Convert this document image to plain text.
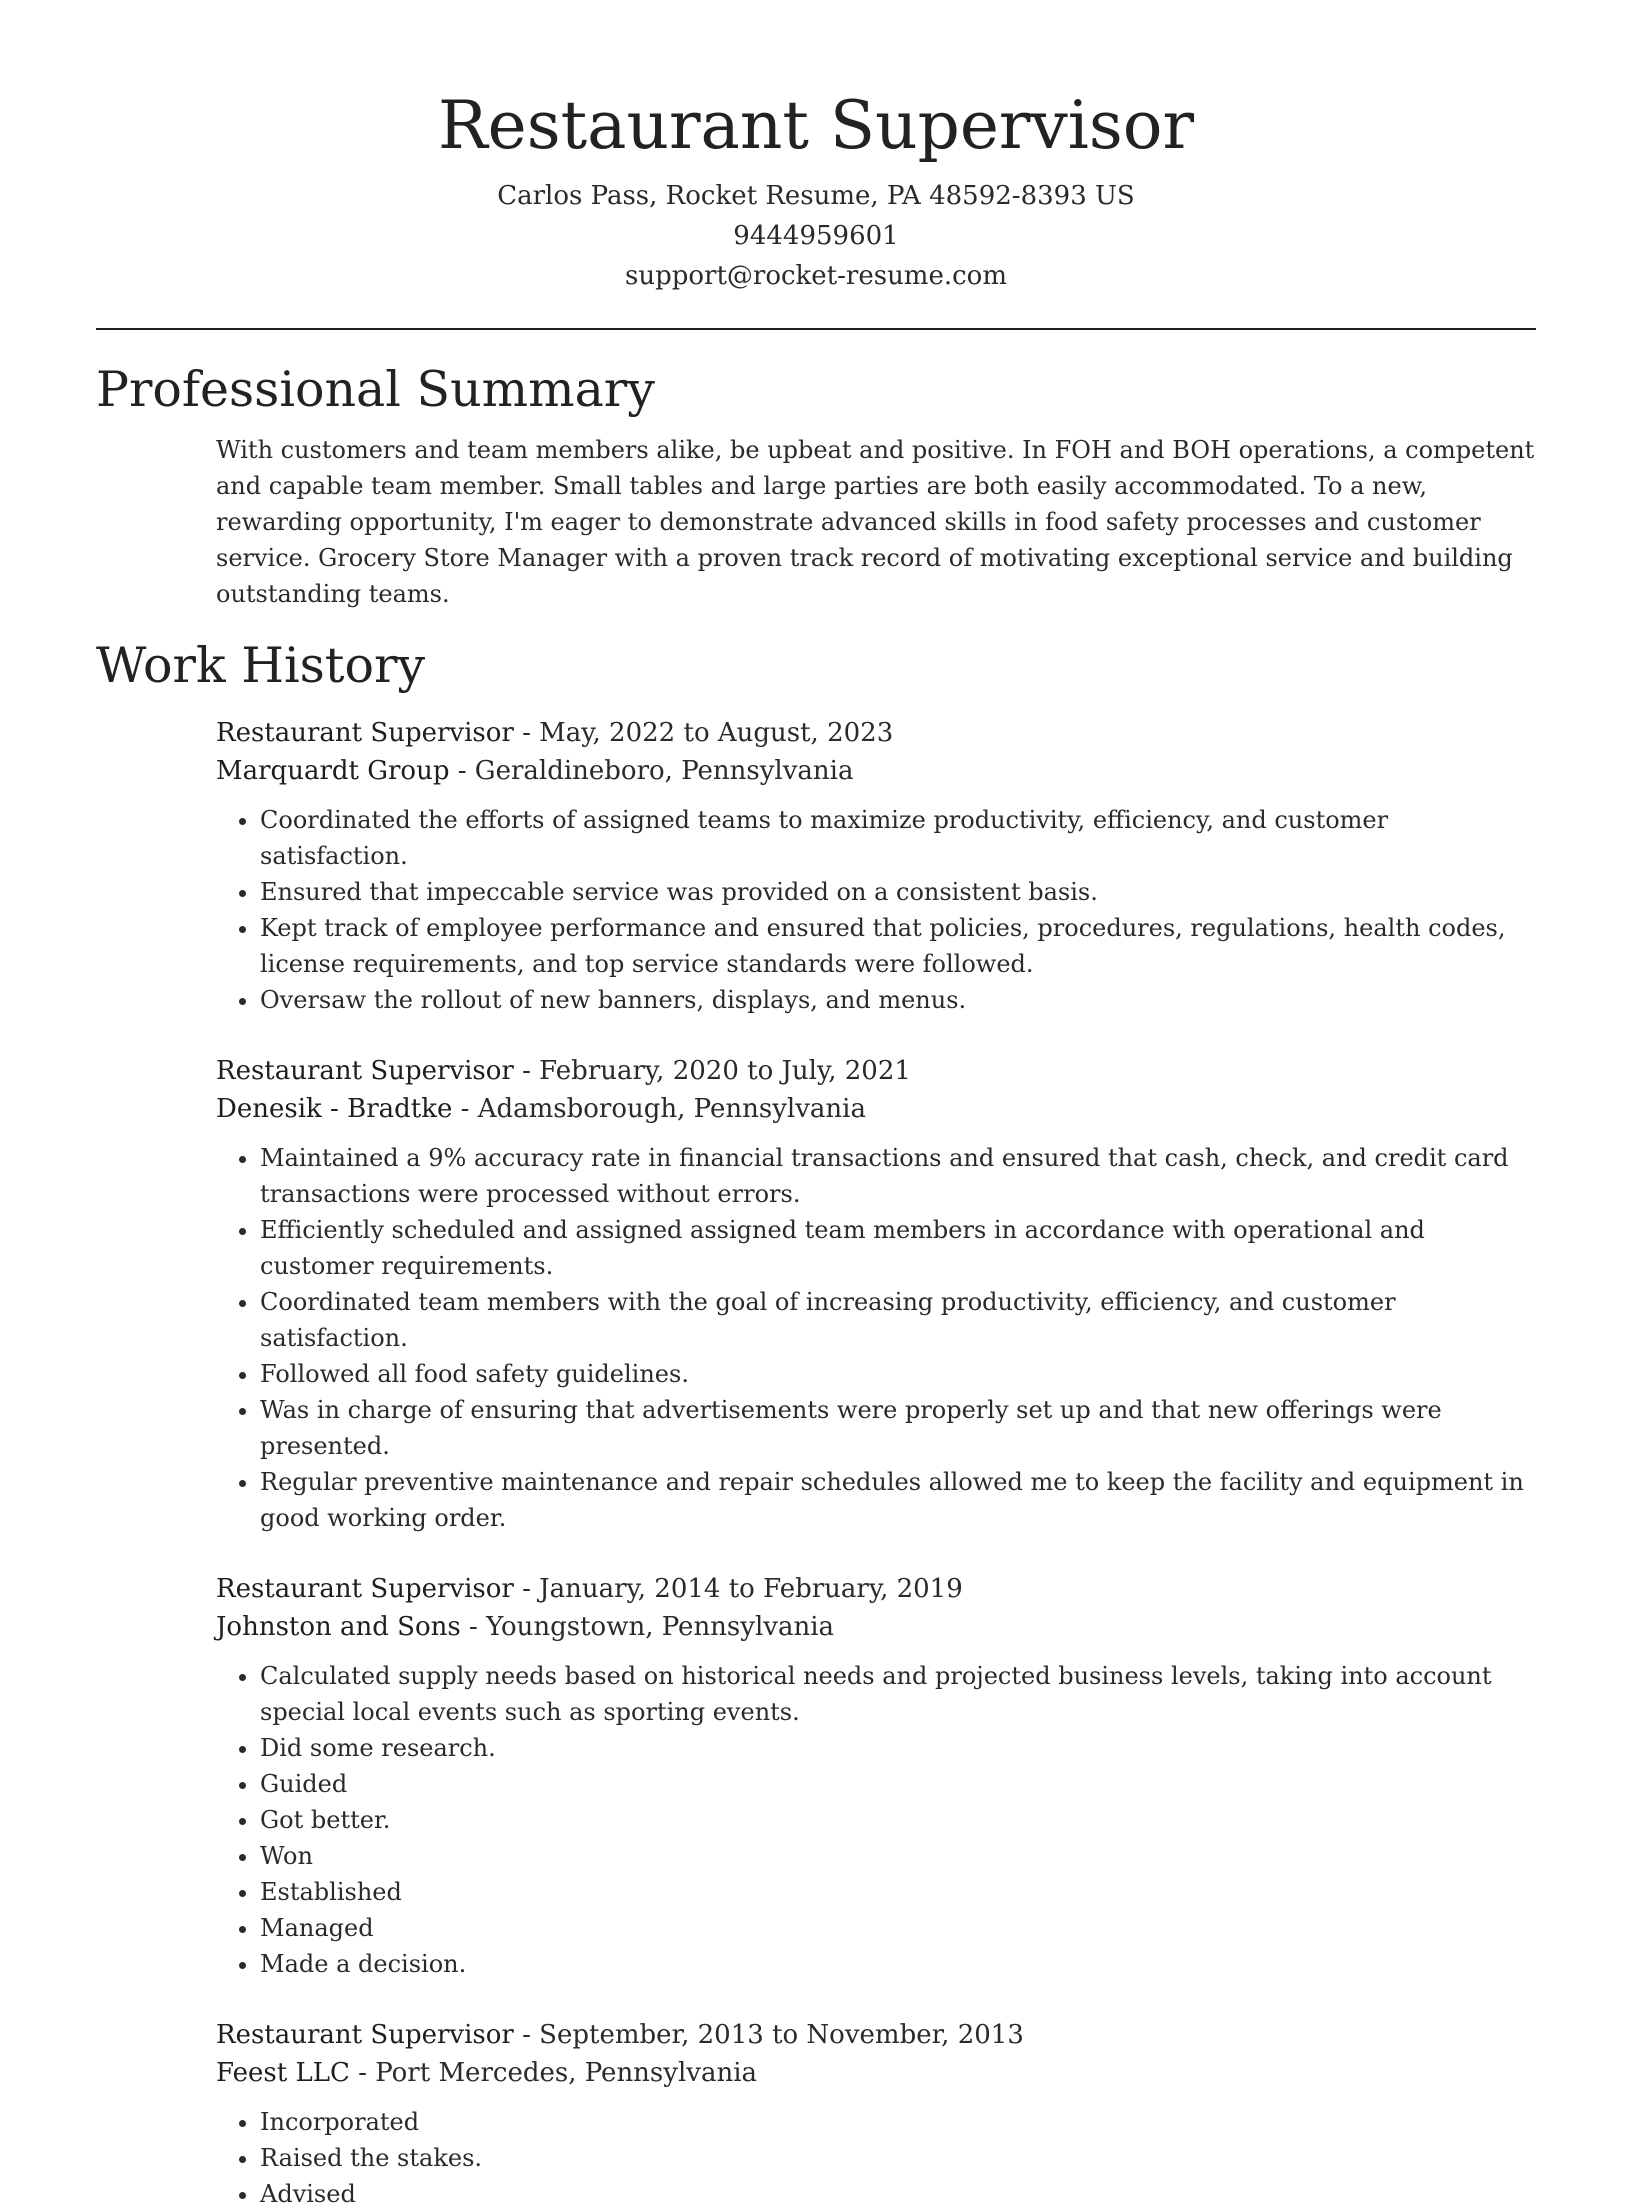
Restaurant Supervisor
Carlos Pass, Rocket Resume, PA 48592-8393 US
9444959601
support@rocket-resume.com
Professional Summary

With customers and team members alike, be upbeat and positive. In FOH and BOH operations, a competent and capable team member. Small tables and large parties are both easily accommodated. To a new, rewarding opportunity, I'm eager to demonstrate advanced skills in food safety processes and customer service. Grocery Store Manager with a proven track record of motivating exceptional service and building outstanding teams.

Work History
Restaurant Supervisor - May, 2022 to August, 2023
Marquardt Group - Geraldineboro, Pennsylvania
• Coordinated the efforts of assigned teams to maximize productivity, efficiency, and customer satisfaction.
• Ensured that impeccable service was provided on a consistent basis.
• Kept track of employee performance and ensured that policies, procedures, regulations, health codes, license requirements, and top service standards were followed.
• Oversaw the rollout of new banners, displays, and menus.
Restaurant Supervisor - February, 2020 to July, 2021
Denesik - Bradtke - Adamsborough, Pennsylvania
• Maintained a 9% accuracy rate in financial transactions and ensured that cash, check, and credit card transactions were processed without errors.
• Efficiently scheduled and assigned assigned team members in accordance with operational and customer requirements.
• Coordinated team members with the goal of increasing productivity, efficiency, and customer satisfaction.
• Followed all food safety guidelines.
• Was in charge of ensuring that advertisements were properly set up and that new offerings were presented.
• Regular preventive maintenance and repair schedules allowed me to keep the facility and equipment in good working order.
Restaurant Supervisor - January, 2014 to February, 2019
Johnston and Sons - Youngstown, Pennsylvania
• Calculated supply needs based on historical needs and projected business levels, taking into account special local events such as sporting events.
• Did some research.
• Guided
• Got better.
• Won
• Established
• Managed
• Made a decision.
Restaurant Supervisor - September, 2013 to November, 2013
Feest LLC - Port Mercedes, Pennsylvania
• Incorporated
• Raised the stakes.
• Advised
